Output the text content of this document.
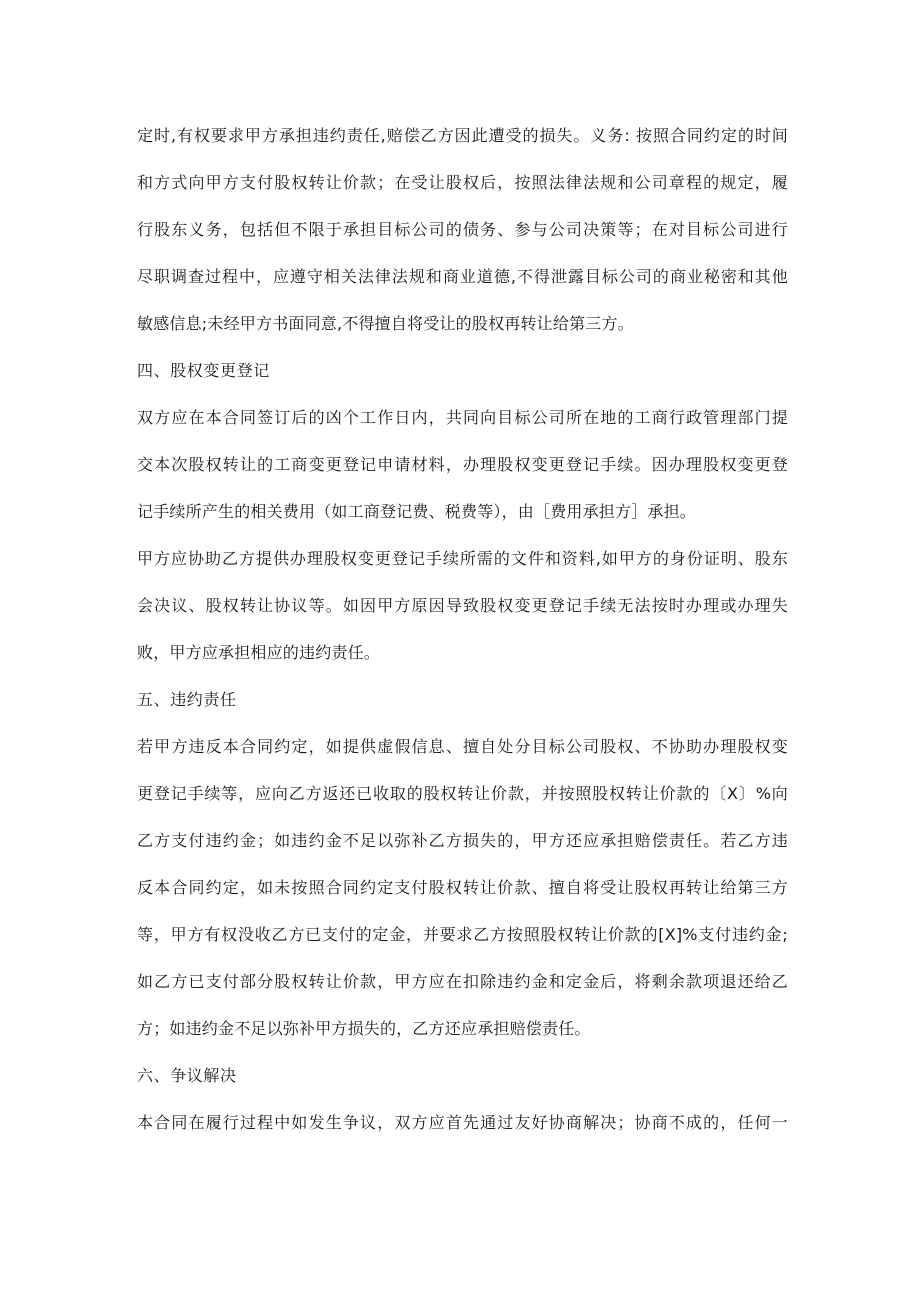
定时,有权要求甲方承担违约责任,赔偿乙方因此遭受的损失。义务: 按照合同约定的时间
和方式向甲方支付股权转让价款；在受让股权后，按照法律法规和公司章程的规定，履
行股东义务，包括但不限于承担目标公司的债务、参与公司决策等；在对目标公司进行
尽职调查过程中，应遵守相关法律法规和商业道德,不得泄露目标公司的商业秘密和其他
敏感信息;未经甲方书面同意,不得擅自将受让的股权再转让给第三方。
四、股权变更登记
双方应在本合同签订后的凶个工作日内，共同向目标公司所在地的工商行政管理部门提
交本次股权转让的工商变更登记申请材料，办理股权变更登记手续。因办理股权变更登
记手续所产生的相关费用（如工商登记费、税费等），由［费用承担方］承担。
甲方应协助乙方提供办理股权变更登记手续所需的文件和资料,如甲方的身份证明、股东
会决议、股权转让协议等。如因甲方原因导致股权变更登记手续无法按时办理或办理失
败，甲方应承担相应的违约责任。
五、违约责任
若甲方违反本合同约定，如提供虚假信息、擅自处分目标公司股权、不协助办理股权变
更登记手续等，应向乙方返还已收取的股权转让价款，并按照股权转让价款的〔X〕%向
乙方支付违约金；如违约金不足以弥补乙方损失的，甲方还应承担赔偿责任。若乙方违
反本合同约定，如未按照合同约定支付股权转让价款、擅自将受让股权再转让给第三方
等，甲方有权没收乙方已支付的定金，并要求乙方按照股权转让价款的[X]%支付违约金;
如乙方已支付部分股权转让价款，甲方应在扣除违约金和定金后，将剩余款项退还给乙
方；如违约金不足以弥补甲方损失的，乙方还应承担赔偿责任。
六、争议解决
本合同在履行过程中如发生争议，双方应首先通过友好协商解决；协商不成的，任何一
